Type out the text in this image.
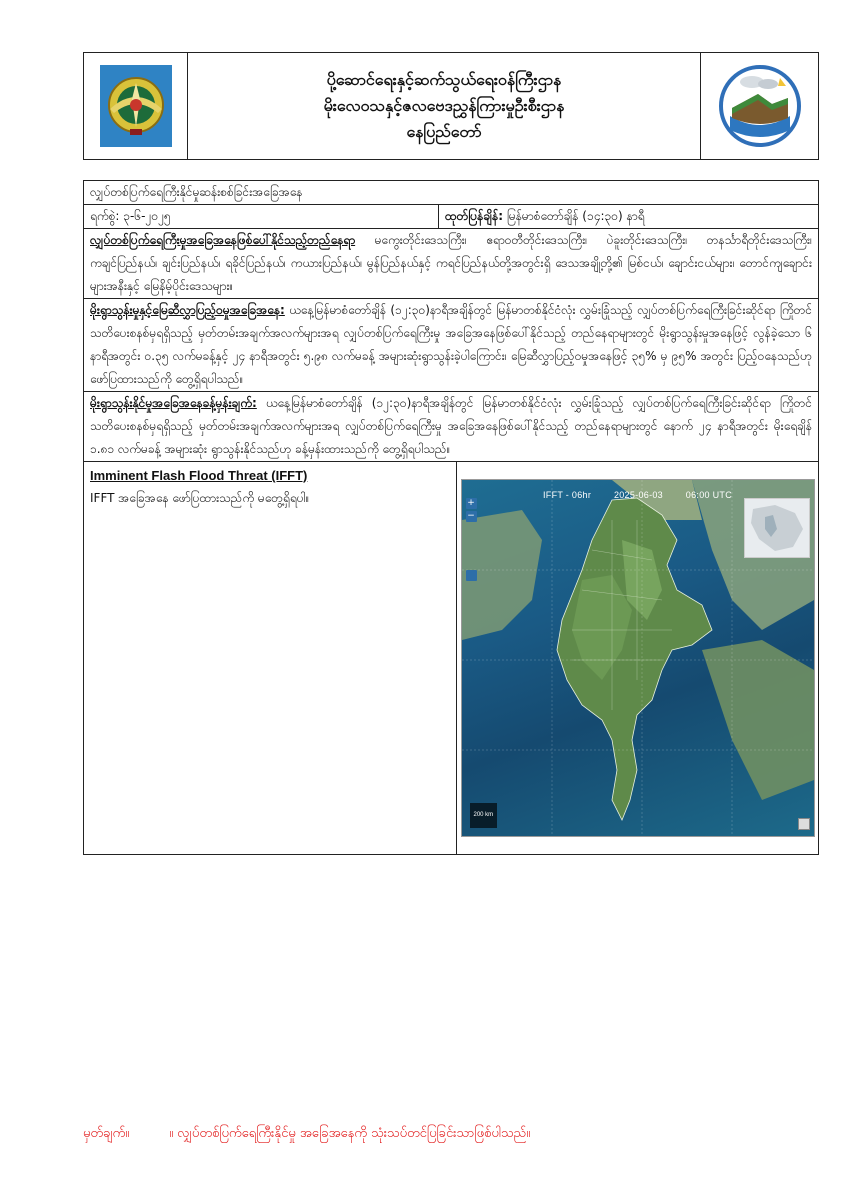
ပို့ဆောင်ရေးနှင့်ဆက်သွယ်ရေးဝန်ကြီးဌာန
မိုးလေဝသနှင့်ဇလဗေဒညွှန်ကြားမှုဦးစီးဌာန
နေပြည်တော်
လျှပ်တစ်ပြက်ရေကြီးနိုင်မှုဆန်းစစ်ခြင်းအခြေအနေ
ရက်စွဲ: ၃-၆-၂၀၂၅	ထုတ်ပြန်ချိန်: မြန်မာစံတော်ချိန် (၁၄:၃၀) နာရီ
လျှပ်တစ်ပြက်ရေကြီးမှုအခြေအနေဖြစ်ပေါ်နိုင်သည့်တည်နေရာ မကွေးတိုင်းဒေသကြီး၊ ဧရာဝတီတိုင်းဒေသကြီး၊ ပဲခူးတိုင်းဒေသကြီး၊ တနင်္သာရီတိုင်းဒေသကြီး၊ ကချင်ပြည်နယ်၊ ချင်းပြည်နယ်၊ ရခိုင်ပြည်နယ်၊ ကယားပြည်နယ်၊ မွန်ပြည်နယ်နှင့် ကရင်ပြည်နယ်တို့အတွင်းရှိ ဒေသအချို့တို့၏ မြစ်ငယ်၊ ချောင်းငယ်များ၊ တောင်ကျချောင်းများအနီးနှင့် မြေနိမ့်ပိုင်းဒေသများ။
မိုးရွာသွန်းမှုနှင့်မြေဆီလွှာပြည့်ဝမှုအခြေအနေ: ယနေ့မြန်မာစံတော်ချိန် (၁၂:၃၀)နာရီအချိန်တွင် မြန်မာတစ်နိုင်ငံလုံး လွှမ်းခြုံသည့် လျှပ်တစ်ပြက်ရေကြီးခြင်းဆိုင်ရာ ကြိုတင်သတိပေးစနစ်မှရရှိသည့် မှတ်တမ်းအချက်အလက်များအရ လျှပ်တစ်ပြက်ရေကြီးမှု အခြေအနေဖြစ်ပေါ်နိုင်သည့် တည်နေရာများတွင် မိုးရွာသွန်းမှုအနေဖြင့် လွန်ခဲ့သော ၆ နာရီအတွင်း ၀.၃၅ လက်မခန့်နှင့် ၂၄ နာရီအတွင်း ၅.၉၈ လက်မခန့် အများဆုံးရွာသွန်းခဲ့ပါကြောင်း၊ မြေဆီလွှာပြည့်ဝမှုအနေဖြင့် ၃၅% မှ ၉၅% အတွင်း ပြည့်ဝနေသည်ဟု ဖော်ပြထားသည်ကို တွေ့ရှိရပါသည်။
မိုးရွာသွန်းနိုင်မှုအခြေအနေခန့်မှန်းချက်: ယနေ့မြန်မာစံတော်ချိန် (၁၂:၃၀)နာရီအချိန်တွင် မြန်မာတစ်နိုင်ငံလုံး လွှမ်းခြုံသည့် လျှပ်တစ်ပြက်ရေကြီးခြင်းဆိုင်ရာ ကြိုတင်သတိပေးစနစ်မှရရှိသည့် မှတ်တမ်းအချက်အလက်များအရ လျှပ်တစ်ပြက်ရေကြီးမှု အခြေအနေဖြစ်ပေါ်နိုင်သည့် တည်နေရာများတွင် နောက် ၂၄ နာရီအတွင်း မိုးရေချိန် ၁.၈၁ လက်မခန့် အများဆုံး ရွာသွန်းနိုင်သည်ဟု ခန့်မှန်းထားသည်ကို တွေ့ရှိရပါသည်။
Imminent Flash Flood Threat (IFFT)
IFFT အခြေအနေ ဖော်ပြထားသည်ကို မတွေ့ရှိရပါ။	IFFT - 06hr	2025-06-03	06:00 UTC
+
−
200 km
မှတ်ချက်။	။ လျှပ်တစ်ပြက်ရေကြီးနိုင်မှု အခြေအနေကို သုံးသပ်တင်ပြခြင်းသာဖြစ်ပါသည်။
